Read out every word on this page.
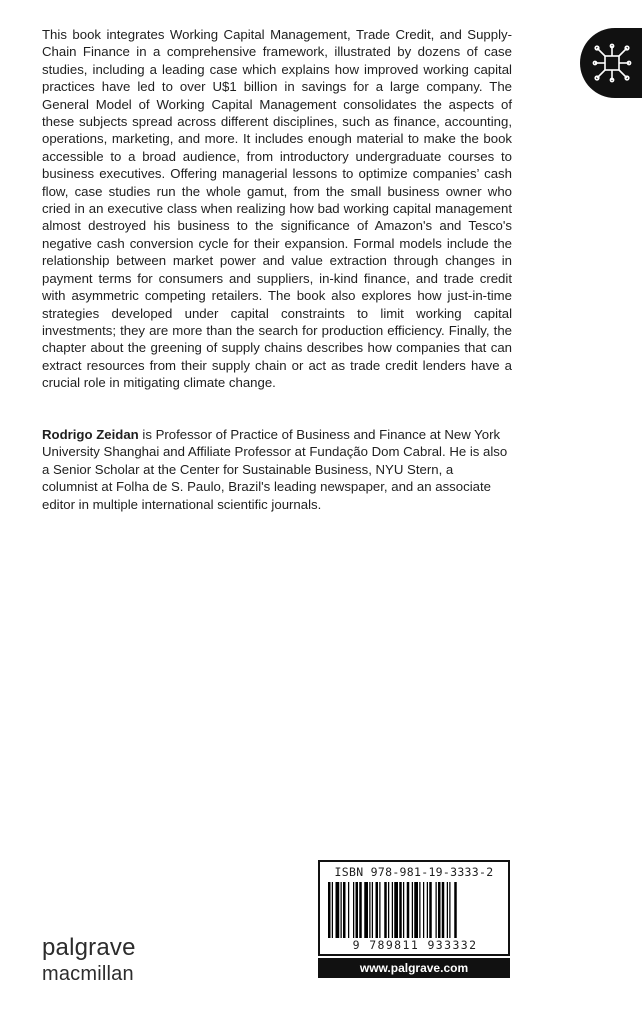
This book integrates Working Capital Management, Trade Credit, and Supply-Chain Finance in a comprehensive framework, illustrated by dozens of case studies, including a leading case which explains how improved working capital practices have led to over U$1 billion in savings for a large company. The General Model of Working Capital Management consolidates the aspects of these subjects spread across different disciplines, such as finance, accounting, operations, marketing, and more. It includes enough material to make the book accessible to a broad audience, from introductory undergraduate courses to business executives. Offering managerial lessons to optimize companies’ cash flow, case studies run the whole gamut, from the small business owner who cried in an executive class when realizing how bad working capital management almost destroyed his business to the significance of Amazon's and Tesco's negative cash conversion cycle for their expansion. Formal models include the relationship between market power and value extraction through changes in payment terms for consumers and suppliers, in-kind finance, and trade credit with asymmetric competing retailers. The book also explores how just-in-time strategies developed under capital constraints to limit working capital investments; they are more than the search for production efficiency. Finally, the chapter about the greening of supply chains describes how companies that can extract resources from their supply chain or act as trade credit lenders have a crucial role in mitigating climate change.

Rodrigo Zeidan is Professor of Practice of Business and Finance at New York University Shanghai and Affiliate Professor at Fundação Dom Cabral. He is also a Senior Scholar at the Center for Sustainable Business, NYU Stern, a columnist at Folha de S. Paulo, Brazil's leading newspaper, and an associate editor in multiple international scientific journals.

palgrave
macmillan
ISBN 978-981-19-3333-2
9 789811 933332
www.palgrave.com
